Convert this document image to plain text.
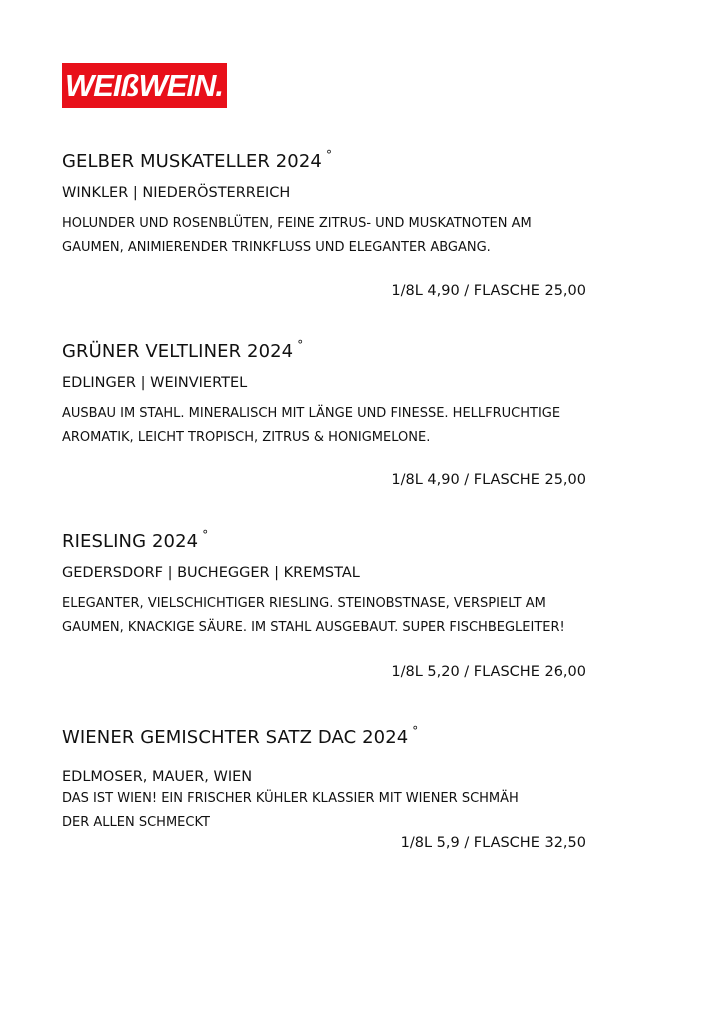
WEIßWEIN.
GELBER MUSKATELLER 2024 °
WINKLER | NIEDERÖSTERREICH
HOLUNDER UND ROSENBLÜTEN, FEINE ZITRUS- UND MUSKATNOTEN AM GAUMEN, ANIMIERENDER TRINKFLUSS UND ELEGANTER ABGANG.
1/8L 4,90 / FLASCHE 25,00
GRÜNER VELTLINER 2024 °
EDLINGER | WEINVIERTEL
AUSBAU IM STAHL. MINERALISCH MIT LÄNGE UND FINESSE. HELLFRUCHTIGE AROMATIK, LEICHT TROPISCH, ZITRUS & HONIGMELONE.
1/8L 4,90 / FLASCHE 25,00
RIESLING 2024 °
GEDERSDORF | BUCHEGGER | KREMSTAL
ELEGANTER, VIELSCHICHTIGER RIESLING. STEINOBSTNASE, VERSPIELT AM GAUMEN, KNACKIGE SÄURE. IM STAHL AUSGEBAUT. SUPER FISCHBEGLEITER!
1/8L 5,20 / FLASCHE 26,00
WIENER GEMISCHTER SATZ DAC 2024 °
EDLMOSER, MAUER, WIEN
DAS IST WIEN! EIN FRISCHER KÜHLER KLASSIER MIT WIENER SCHMÄH DER ALLEN SCHMECKT
1/8L 5,9 / FLASCHE 32,50
